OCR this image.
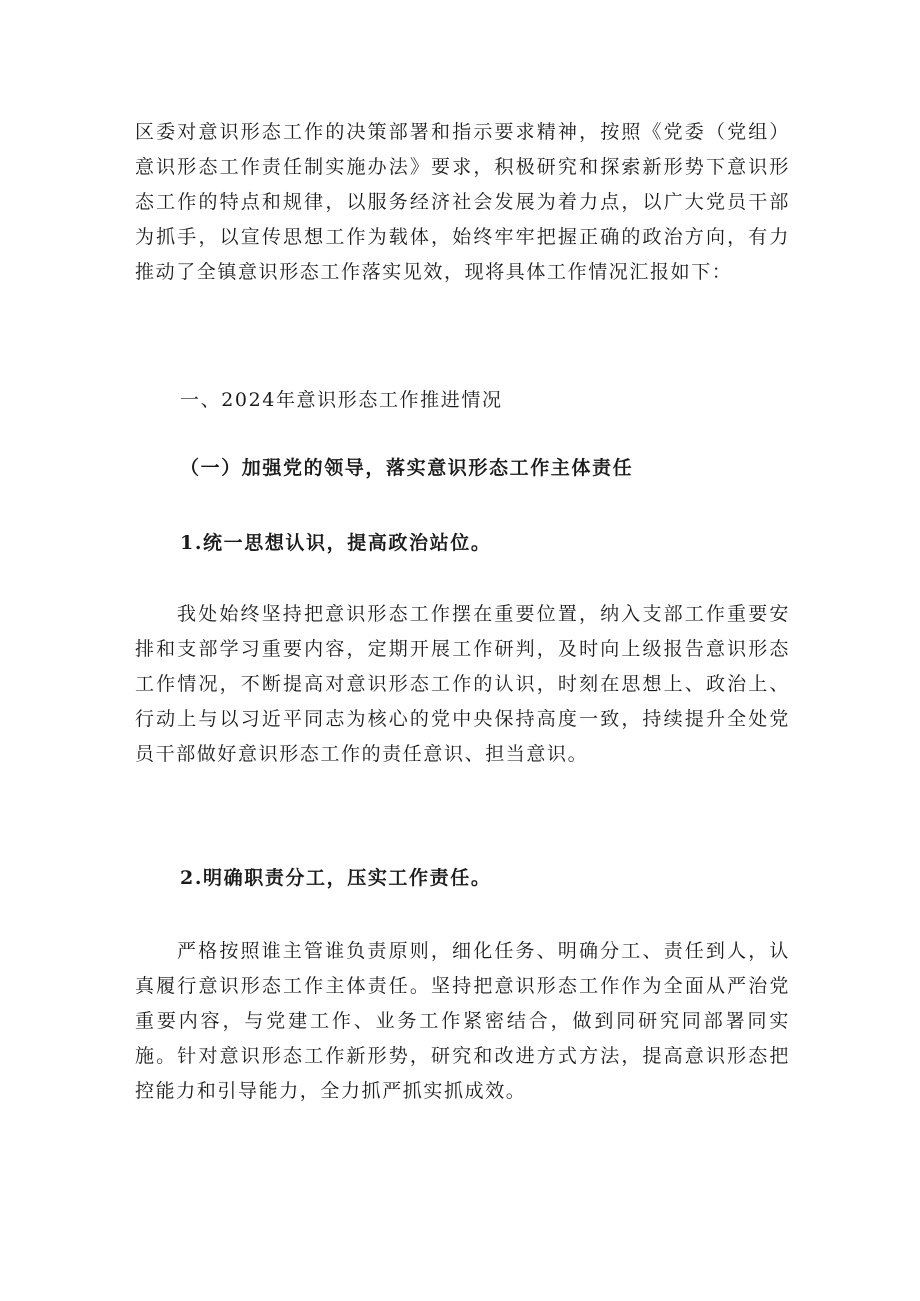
区委对意识形态工作的决策部署和指示要求精神，按照《党委（党组）意识形态工作责任制实施办法》要求，积极研究和探索新形势下意识形态工作的特点和规律，以服务经济社会发展为着力点，以广大党员干部为抓手，以宣传思想工作为载体，始终牢牢把握正确的政治方向，有力推动了全镇意识形态工作落实见效，现将具体工作情况汇报如下：

一、2024年意识形态工作推进情况
（一）加强党的领导，落实意识形态工作主体责任
1.统一思想认识，提高政治站位。

我处始终坚持把意识形态工作摆在重要位置，纳入支部工作重要安排和支部学习重要内容，定期开展工作研判，及时向上级报告意识形态工作情况，不断提高对意识形态工作的认识，时刻在思想上、政治上、行动上与以习近平同志为核心的党中央保持高度一致，持续提升全处党员干部做好意识形态工作的责任意识、担当意识。

2.明确职责分工，压实工作责任。

严格按照谁主管谁负责原则，细化任务、明确分工、责任到人，认真履行意识形态工作主体责任。坚持把意识形态工作作为全面从严治党重要内容，与党建工作、业务工作紧密结合，做到同研究同部署同实施。针对意识形态工作新形势，研究和改进方式方法，提高意识形态把控能力和引导能力，全力抓严抓实抓成效。
